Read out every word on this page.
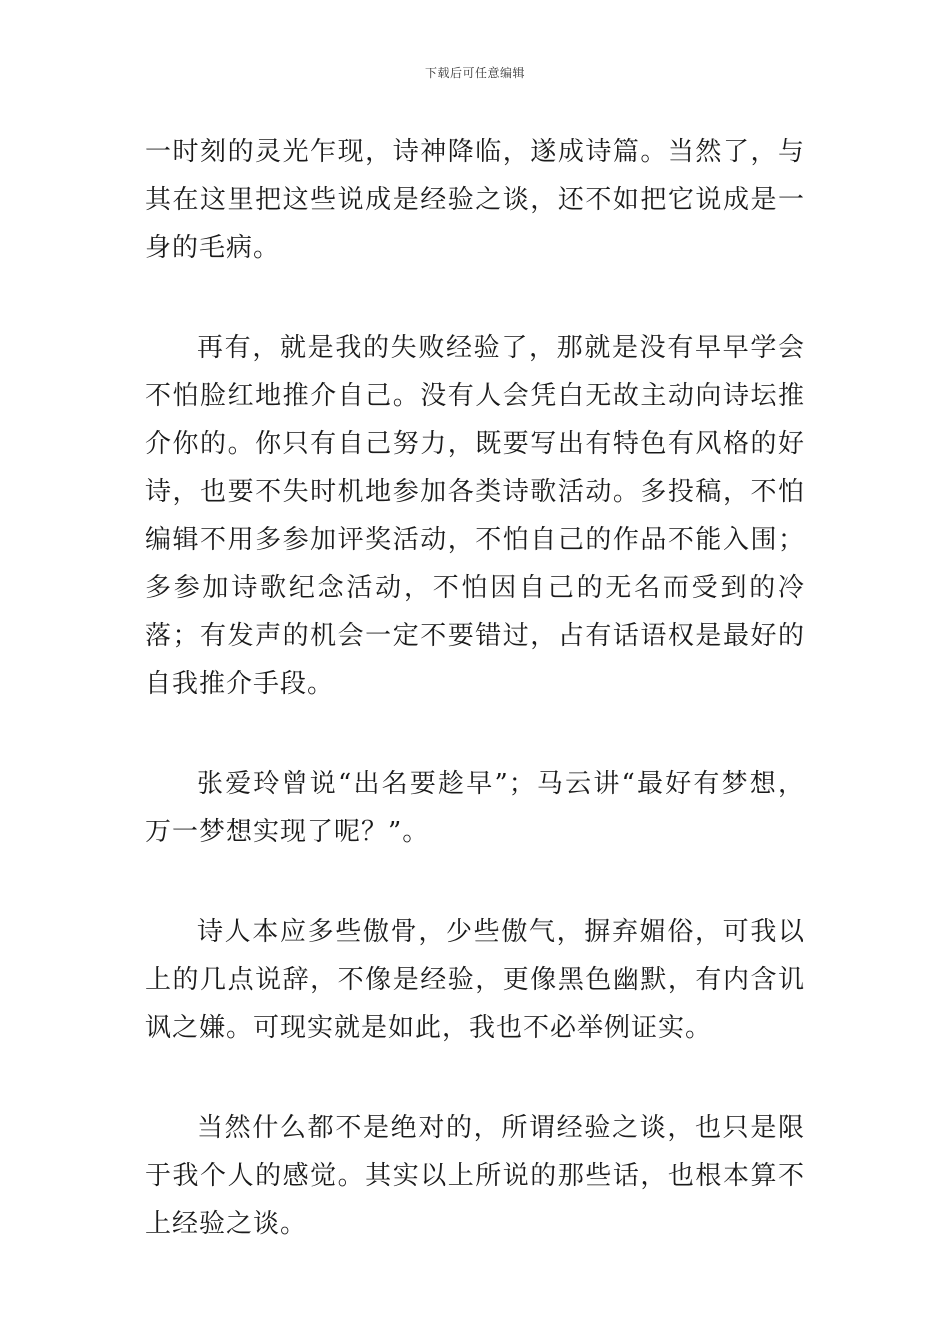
下载后可任意编辑

一时刻的灵光乍现，诗神降临，遂成诗篇。当然了，与其在这里把这些说成是经验之谈，还不如把它说成是一身的毛病。

再有，就是我的失败经验了，那就是没有早早学会不怕脸红地推介自己。没有人会凭白无故主动向诗坛推介你的。你只有自己努力，既要写出有特色有风格的好诗，也要不失时机地参加各类诗歌活动。多投稿，不怕编辑不用多参加评奖活动，不怕自己的作品不能入围；多参加诗歌纪念活动，不怕因自己的无名而受到的冷落；有发声的机会一定不要错过，占有话语权是最好的自我推介手段。

张爱玲曾说“出名要趁早”；马云讲“最好有梦想，万一梦想实现了呢？”。

诗人本应多些傲骨，少些傲气，摒弃媚俗，可我以上的几点说辞，不像是经验，更像黑色幽默，有内含讥讽之嫌。可现实就是如此，我也不必举例证实。

当然什么都不是绝对的，所谓经验之谈，也只是限于我个人的感觉。其实以上所说的那些话，也根本算不上经验之谈。
